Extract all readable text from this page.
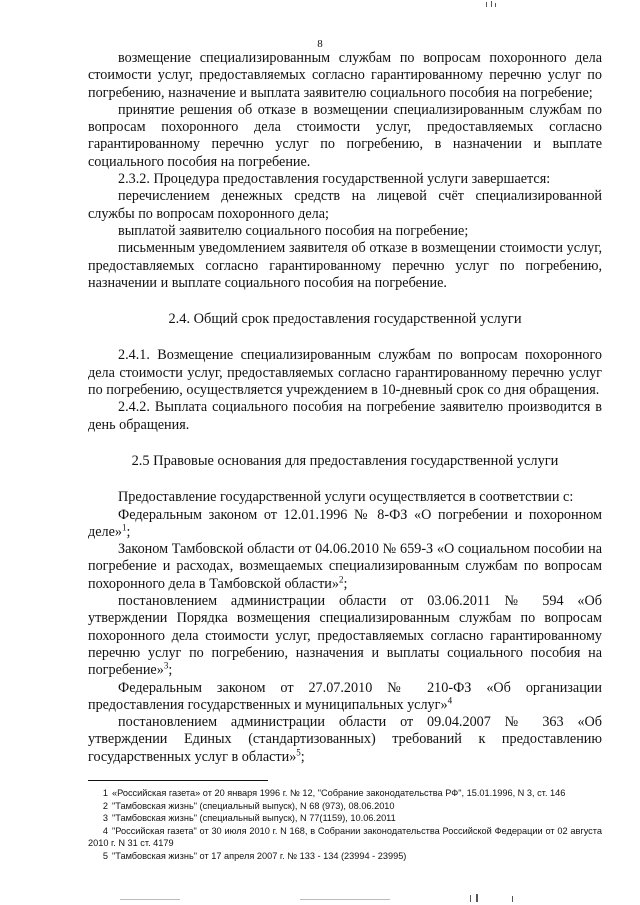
8

возмещение специализированным службам по вопросам похоронного дела стоимости услуг, предоставляемых согласно гарантированному перечню услуг по погребению, назначение и выплата заявителю социального пособия на погребение;

принятие решения об отказе в возмещении специализированным службам по вопросам похоронного дела стоимости услуг, предоставляемых согласно гарантированному перечню услуг по погребению, в назначении и выплате социального пособия на погребение.

2.3.2. Процедура предоставления государственной услуги завершается:

перечислением денежных средств на лицевой счёт специализированной службы по вопросам похоронного дела;

выплатой заявителю социального пособия на погребение;

письменным уведомлением заявителя об отказе в возмещении стоимости услуг, предоставляемых согласно гарантированному перечню услуг по погребению, назначении и выплате социального пособия на погребение.

2.4. Общий срок предоставления государственной услуги

2.4.1. Возмещение специализированным службам по вопросам похоронного дела стоимости услуг, предоставляемых согласно гарантированному перечню услуг по погребению, осуществляется учреждением в 10-дневный срок со дня обращения.

2.4.2. Выплата социального пособия на погребение заявителю производится в день обращения.

2.5 Правовые основания для предоставления государственной услуги

Предоставление государственной услуги осуществляется в соответствии с:

Федеральным законом от 12.01.1996 № 8-ФЗ «О погребении и похоронном деле»$^1$;

Законом Тамбовской области от 04.06.2010 № 659-З «О социальном пособии на погребение и расходах, возмещаемых специализированным службам по вопросам похоронного дела в Тамбовской области»$^2$;

постановлением администрации области от 03.06.2011 № 594 «Об утверждении Порядка возмещения специализированным службам по вопросам похоронного дела стоимости услуг, предоставляемых согласно гарантированному перечню услуг по погребению, назначения и выплаты социального пособия на погребение»$^3$;

Федеральным законом от 27.07.2010 № 210-ФЗ «Об организации предоставления государственных и муниципальных услуг»$^4$

постановлением администрации области от 09.04.2007 № 363 «Об утверждении Единых (стандартизованных) требований к предоставлению государственных услуг в области»$^5$;

1 «Российская газета» от 20 января 1996 г. № 12, "Собрание законодательства РФ", 15.01.1996, N 3, ст. 146

2 "Тамбовская жизнь" (специальный выпуск), N 68 (973), 08.06.2010

3 "Тамбовская жизнь" (специальный выпуск), N 77(1159), 10.06.2011

4 "Российская газета" от 30 июля 2010 г. N 168, в Собрании законодательства Российской Федерации от 02 августа 2010 г. N 31 ст. 4179

5 "Тамбовская жизнь" от 17 апреля 2007 г. № 133 - 134 (23994 - 23995)
